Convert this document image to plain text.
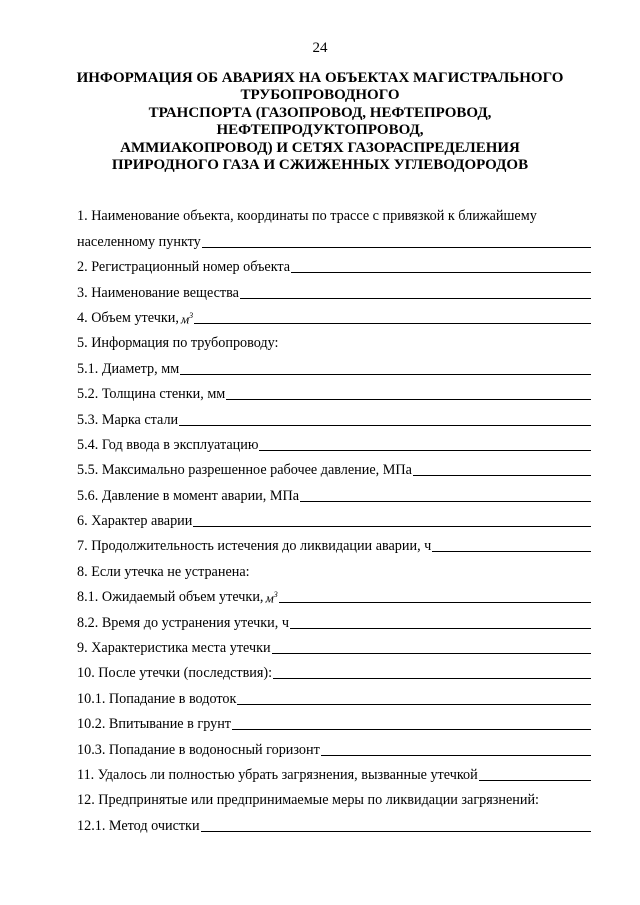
24
ИНФОРМАЦИЯ ОБ АВАРИЯХ НА ОБЪЕКТАХ МАГИСТРАЛЬНОГО
ТРУБОПРОВОДНОГО
ТРАНСПОРТА (ГАЗОПРОВОД, НЕФТЕПРОВОД,
НЕФТЕПРОДУКТОПРОВОД,
АММИАКОПРОВОД) И СЕТЯХ ГАЗОРАСПРЕДЕЛЕНИЯ
ПРИРОДНОГО ГАЗА И СЖИЖЕННЫХ УГЛЕВОДОРОДОВ
1. Наименование объекта, координаты по трассе с привязкой к ближайшему
населенному пункту
2. Регистрационный номер объекта
3. Наименование вещества
4. Объем утечки, $м^3$
5. Информация по трубопроводу:
5.1. Диаметр, мм
5.2. Толщина стенки, мм
5.3. Марка стали
5.4. Год ввода в эксплуатацию
5.5. Максимально разрешенное рабочее давление, МПа
5.6. Давление в момент аварии, МПа
6. Характер аварии
7. Продолжительность истечения до ликвидации аварии, ч
8. Если утечка не устранена:
8.1. Ожидаемый объем утечки, $м^3$
8.2. Время до устранения утечки, ч
9. Характеристика места утечки
10. После утечки (последствия):
10.1. Попадание в водоток
10.2. Впитывание в грунт
10.3. Попадание в водоносный горизонт
11. Удалось ли полностью убрать загрязнения, вызванные утечкой
12. Предпринятые или предпринимаемые меры по ликвидации загрязнений:
12.1. Метод очистки
